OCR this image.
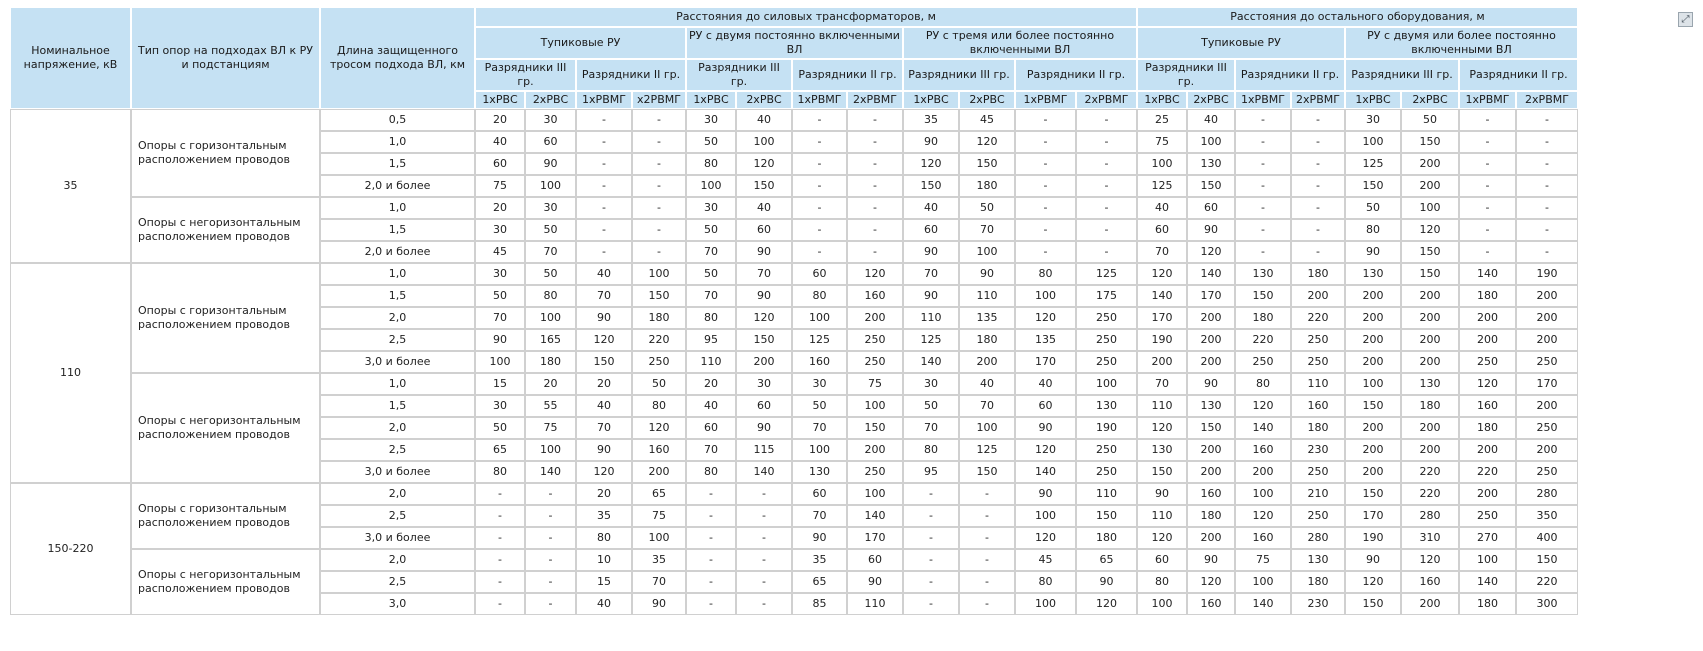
⤢
Номинальное напряжение, кВ	Тип опор на подходах ВЛ к РУ и подстанциям	Длина защищенного тросом подхода ВЛ, км	Расстояния до силовых трансформаторов, м												Расстояния до остального оборудования, м							
			Тупиковые РУ				РУ с двумя постоянно включенными ВЛ				РУ с тремя или более постоянно включенными ВЛ				Тупиковые РУ				РУ с двумя или более постоянно включенными ВЛ			
			Разрядники III гр.		Разрядники II гр.		Разрядники III гр.		Разрядники II гр.		Разрядники III гр.		Разрядники II гр.		Разрядники III гр.		Разрядники II гр.		Разрядники III гр.		Разрядники II гр.	
			1хРВС	2хРВС	1хРВМГ	х2РВМГ	1хРВС	2хРВС	1хРВМГ	2хРВМГ	1хРВС	2хРВС	1хРВМГ	2хРВМГ	1хРВС	2хРВС	1хРВМГ	2хРВМГ	1хРВС	2хРВС	1хРВМГ	2хРВМГ
35	Опоры с горизонтальным расположением проводов	0,5	20	30	-	-	30	40	-	-	35	45	-	-	25	40	-	-	30	50	-	-
		1,0	40	60	-	-	50	100	-	-	90	120	-	-	75	100	-	-	100	150	-	-
		1,5	60	90	-	-	80	120	-	-	120	150	-	-	100	130	-	-	125	200	-	-
		2,0 и более	75	100	-	-	100	150	-	-	150	180	-	-	125	150	-	-	150	200	-	-
	Опоры с негоризонтальным расположением проводов	1,0	20	30	-	-	30	40	-	-	40	50	-	-	40	60	-	-	50	100	-	-
		1,5	30	50	-	-	50	60	-	-	60	70	-	-	60	90	-	-	80	120	-	-
		2,0 и более	45	70	-	-	70	90	-	-	90	100	-	-	70	120	-	-	90	150	-	-
110	Опоры с горизонтальным расположением проводов	1,0	30	50	40	100	50	70	60	120	70	90	80	125	120	140	130	180	130	150	140	190
		1,5	50	80	70	150	70	90	80	160	90	110	100	175	140	170	150	200	200	200	180	200
		2,0	70	100	90	180	80	120	100	200	110	135	120	250	170	200	180	220	200	200	200	200
		2,5	90	165	120	220	95	150	125	250	125	180	135	250	190	200	220	250	200	200	200	200
		3,0 и более	100	180	150	250	110	200	160	250	140	200	170	250	200	200	250	250	200	200	250	250
	Опоры с негоризонтальным расположением проводов	1,0	15	20	20	50	20	30	30	75	30	40	40	100	70	90	80	110	100	130	120	170
		1,5	30	55	40	80	40	60	50	100	50	70	60	130	110	130	120	160	150	180	160	200
		2,0	50	75	70	120	60	90	70	150	70	100	90	190	120	150	140	180	200	200	180	250
		2,5	65	100	90	160	70	115	100	200	80	125	120	250	130	200	160	230	200	200	200	200
		3,0 и более	80	140	120	200	80	140	130	250	95	150	140	250	150	200	200	250	200	220	220	250
150-220	Опоры с горизонтальным расположением проводов	2,0	-	-	20	65	-	-	60	100	-	-	90	110	90	160	100	210	150	220	200	280
		2,5	-	-	35	75	-	-	70	140	-	-	100	150	110	180	120	250	170	280	250	350
		3,0 и более	-	-	80	100	-	-	90	170	-	-	120	180	120	200	160	280	190	310	270	400
	Опоры с негоризонтальным расположением проводов	2,0	-	-	10	35	-	-	35	60	-	-	45	65	60	90	75	130	90	120	100	150
		2,5	-	-	15	70	-	-	65	90	-	-	80	90	80	120	100	180	120	160	140	220
		3,0	-	-	40	90	-	-	85	110	-	-	100	120	100	160	140	230	150	200	180	300
